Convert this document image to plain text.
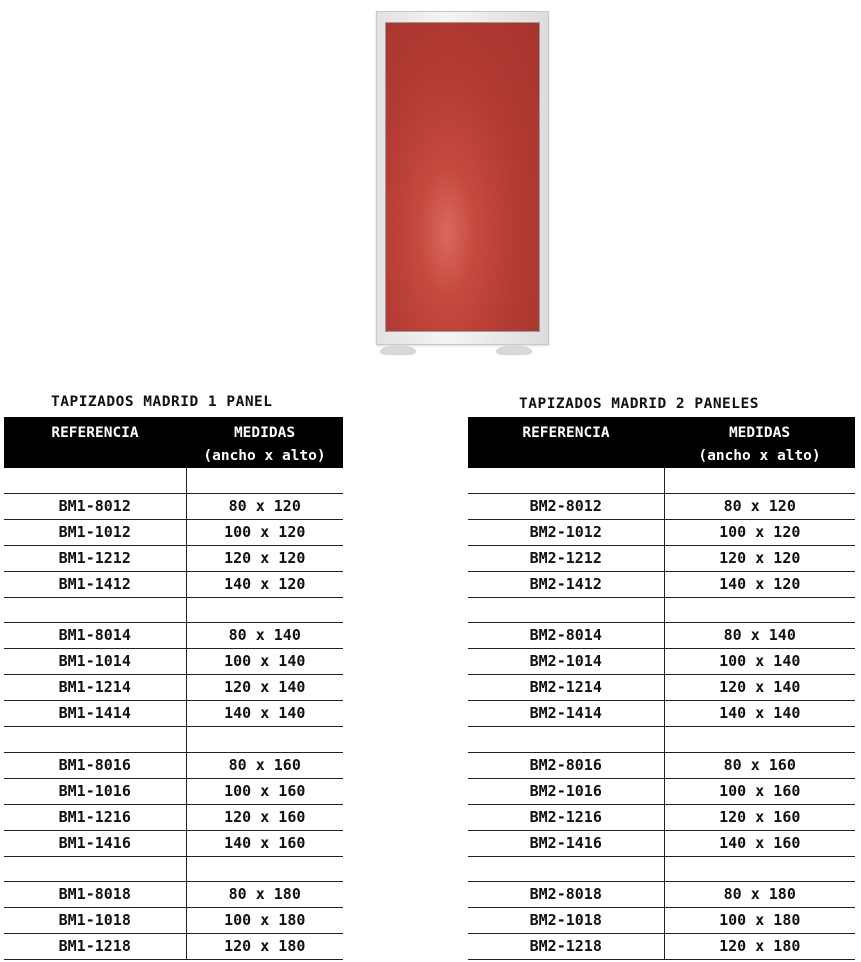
TAPIZADOS MADRID 1 PANEL
REFERENCIA	MEDIDAS
(ancho x alto)

BM1-8012	80 x 120
BM1-1012	100 x 120
BM1-1212	120 x 120
BM1-1412	140 x 120

BM1-8014	80 x 140
BM1-1014	100 x 140
BM1-1214	120 x 140
BM1-1414	140 x 140

BM1-8016	80 x 160
BM1-1016	100 x 160
BM1-1216	120 x 160
BM1-1416	140 x 160

BM1-8018	80 x 180
BM1-1018	100 x 180
BM1-1218	120 x 180
TAPIZADOS MADRID 2 PANELES
REFERENCIA	MEDIDAS
(ancho x alto)

BM2-8012	80 x 120
BM2-1012	100 x 120
BM2-1212	120 x 120
BM2-1412	140 x 120

BM2-8014	80 x 140
BM2-1014	100 x 140
BM2-1214	120 x 140
BM2-1414	140 x 140

BM2-8016	80 x 160
BM2-1016	100 x 160
BM2-1216	120 x 160
BM2-1416	140 x 160

BM2-8018	80 x 180
BM2-1018	100 x 180
BM2-1218	120 x 180
